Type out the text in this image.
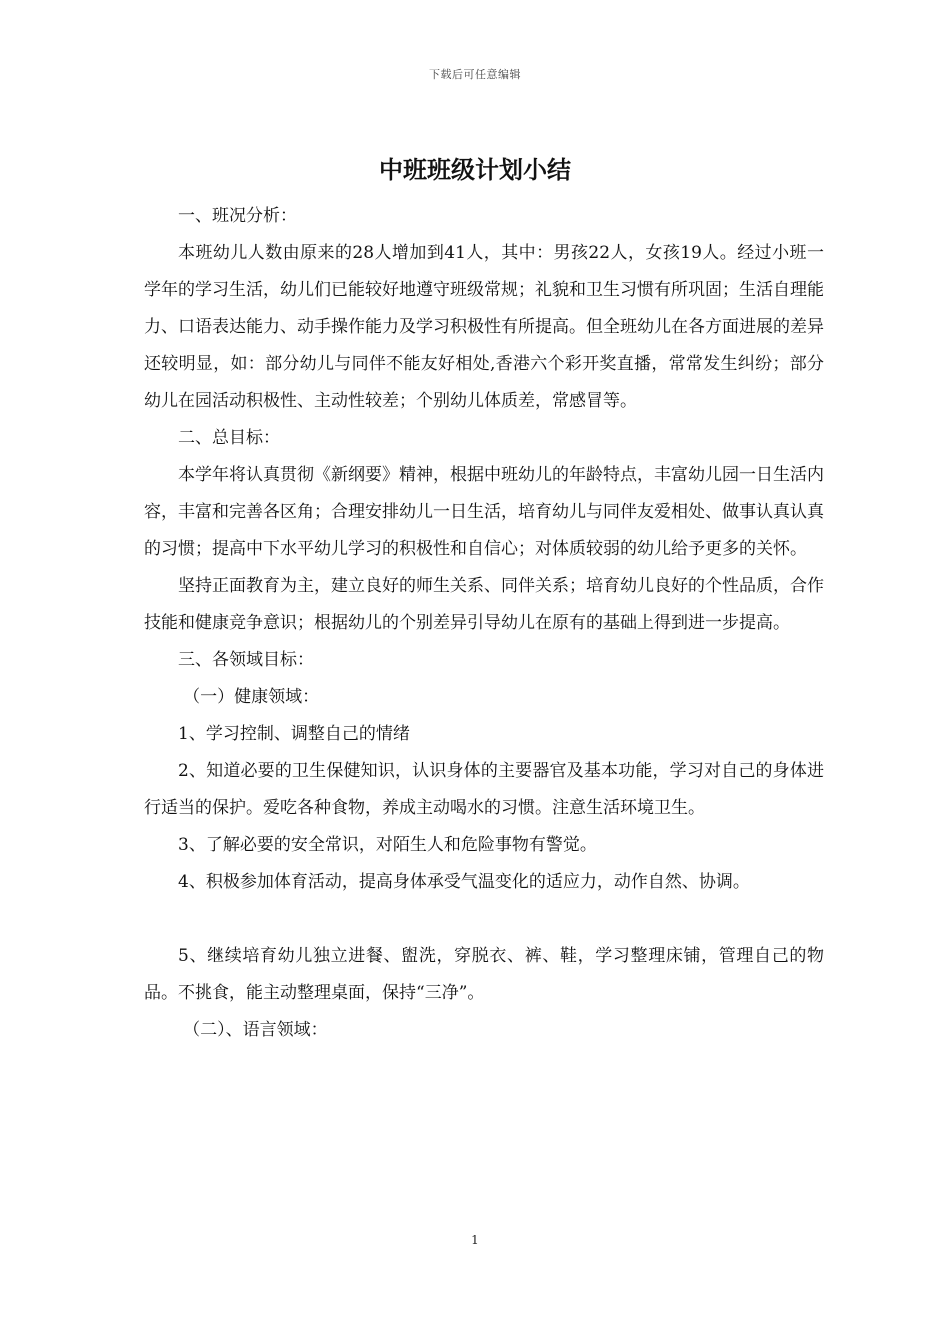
下载后可任意编辑
中班班级计划小结

一、班况分析：

本班幼儿人数由原来的28人增加到41人，其中：男孩22人，女孩19人。经过小班一学年的学习生活，幼儿们已能较好地遵守班级常规；礼貌和卫生习惯有所巩固；生活自理能力、口语表达能力、动手操作能力及学习积极性有所提高。但全班幼儿在各方面进展的差异还较明显，如：部分幼儿与同伴不能友好相处,香港六个彩开奖直播，常常发生纠纷；部分幼儿在园活动积极性、主动性较差；个别幼儿体质差，常感冒等。

二、总目标：

本学年将认真贯彻《新纲要》精神，根据中班幼儿的年龄特点，丰富幼儿园一日生活内容，丰富和完善各区角；合理安排幼儿一日生活，培育幼儿与同伴友爱相处、做事认真认真的习惯；提高中下水平幼儿学习的积极性和自信心；对体质较弱的幼儿给予更多的关怀。

坚持正面教育为主，建立良好的师生关系、同伴关系；培育幼儿良好的个性品质，合作技能和健康竞争意识；根据幼儿的个别差异引导幼儿在原有的基础上得到进一步提高。

三、各领域目标：

（一）健康领域：

1、学习控制、调整自己的情绪

2、知道必要的卫生保健知识，认识身体的主要器官及基本功能，学习对自己的身体进行适当的保护。爱吃各种食物，养成主动喝水的习惯。注意生活环境卫生。

3、了解必要的安全常识，对陌生人和危险事物有警觉。

4、积极参加体育活动，提高身体承受气温变化的适应力，动作自然、协调。

5、继续培育幼儿独立进餐、盥洗，穿脱衣、裤、鞋，学习整理床铺，管理自己的物品。不挑食，能主动整理桌面，保持“三净”。

（二）、语言领域：

1
